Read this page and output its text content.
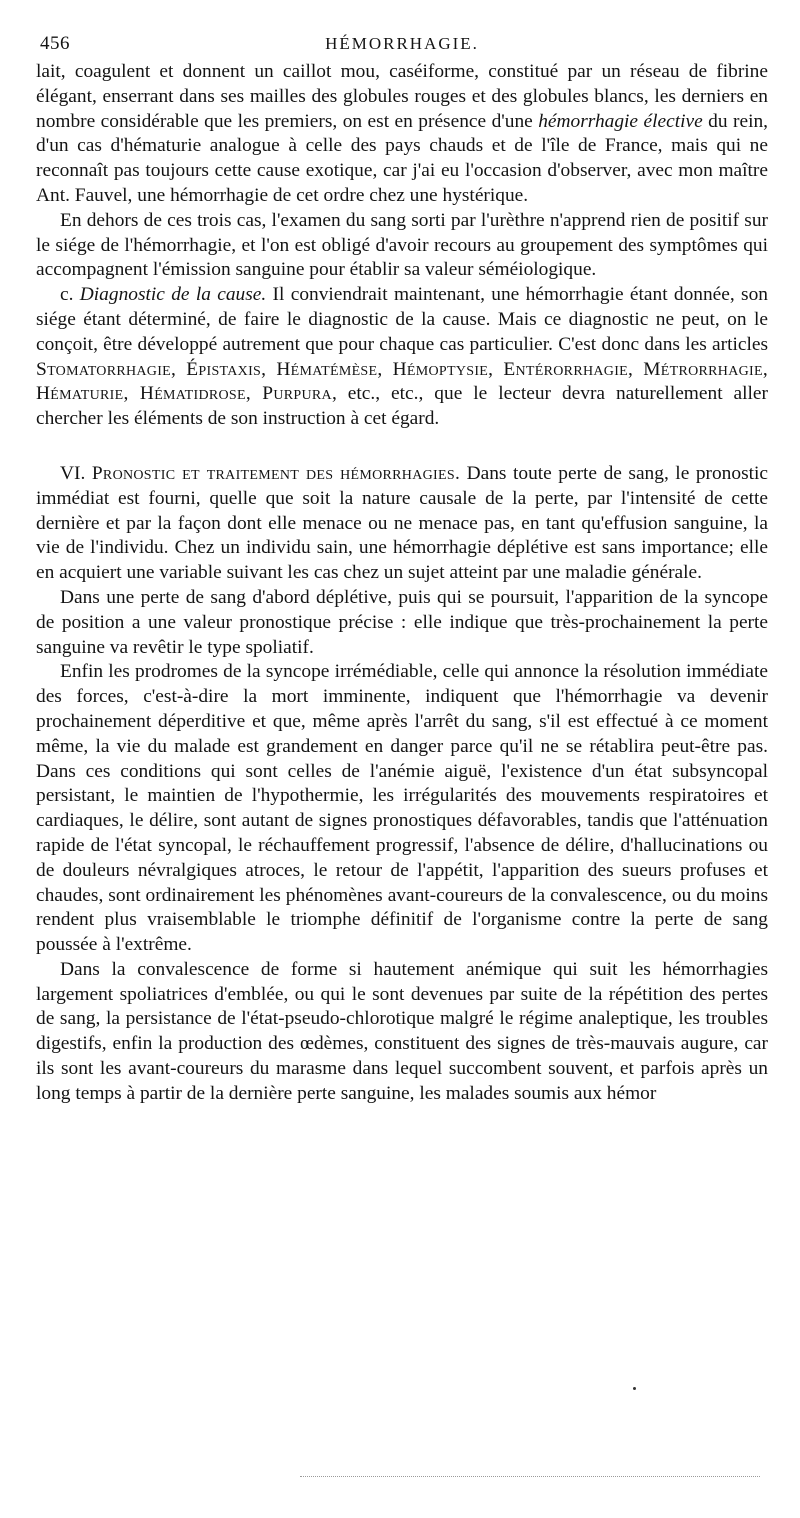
456	HÉMORRHAGIE.

lait, coagulent et donnent un caillot mou, caséiforme, constitué par un réseau de fibrine élégant, enserrant dans ses mailles des globules rouges et des globules blancs, les derniers en nombre considérable que les premiers, on est en présence d'une hémorrhagie élective du rein, d'un cas d'hématurie analogue à celle des pays chauds et de l'île de France, mais qui ne reconnaît pas toujours cette cause exotique, car j'ai eu l'occasion d'observer, avec mon maître Ant. Fauvel, une hémorrhagie de cet ordre chez une hystérique.

En dehors de ces trois cas, l'examen du sang sorti par l'urèthre n'apprend rien de positif sur le siége de l'hémorrhagie, et l'on est obligé d'avoir recours au groupement des symptômes qui accompagnent l'émission sanguine pour établir sa valeur séméiologique.

c. Diagnostic de la cause. Il conviendrait maintenant, une hémorrhagie étant donnée, son siége étant déterminé, de faire le diagnostic de la cause. Mais ce diagnostic ne peut, on le conçoit, être développé autrement que pour chaque cas particulier. C'est donc dans les articles Stomatorrhagie, Épistaxis, Hématémèse, Hémoptysie, Entérorrhagie, Métrorrhagie, Hématurie, Hématidrose, Purpura, etc., etc., que le lecteur devra naturellement aller chercher les éléments de son instruction à cet égard.

VI. Pronostic et traitement des hémorrhagies. Dans toute perte de sang, le pronostic immédiat est fourni, quelle que soit la nature causale de la perte, par l'intensité de cette dernière et par la façon dont elle menace ou ne menace pas, en tant qu'effusion sanguine, la vie de l'individu. Chez un individu sain, une hémorrhagie déplétive est sans importance; elle en acquiert une variable suivant les cas chez un sujet atteint par une maladie générale.

Dans une perte de sang d'abord déplétive, puis qui se poursuit, l'apparition de la syncope de position a une valeur pronostique précise : elle indique que très-prochainement la perte sanguine va revêtir le type spoliatif.

Enfin les prodromes de la syncope irrémédiable, celle qui annonce la résolution immédiate des forces, c'est-à-dire la mort imminente, indiquent que l'hémorrhagie va devenir prochainement déperditive et que, même après l'arrêt du sang, s'il est effectué à ce moment même, la vie du malade est grandement en danger parce qu'il ne se rétablira peut-être pas. Dans ces conditions qui sont celles de l'anémie aiguë, l'existence d'un état subsyncopal persistant, le maintien de l'hypothermie, les irrégularités des mouvements respiratoires et cardiaques, le délire, sont autant de signes pronostiques défavorables, tandis que l'atténuation rapide de l'état syncopal, le réchauffement progressif, l'absence de délire, d'hallucinations ou de douleurs névralgiques atroces, le retour de l'appétit, l'apparition des sueurs profuses et chaudes, sont ordinairement les phénomènes avant-coureurs de la convalescence, ou du moins rendent plus vraisemblable le triomphe définitif de l'organisme contre la perte de sang poussée à l'extrême.

Dans la convalescence de forme si hautement anémique qui suit les hémorrhagies largement spoliatrices d'emblée, ou qui le sont devenues par suite de la répétition des pertes de sang, la persistance de l'état-pseudo-chlorotique malgré le régime analeptique, les troubles digestifs, enfin la production des œdèmes, constituent des signes de très-mauvais augure, car ils sont les avant-coureurs du marasme dans lequel succombent souvent, et parfois après un long temps à partir de la dernière perte sanguine, les malades soumis aux hémor
